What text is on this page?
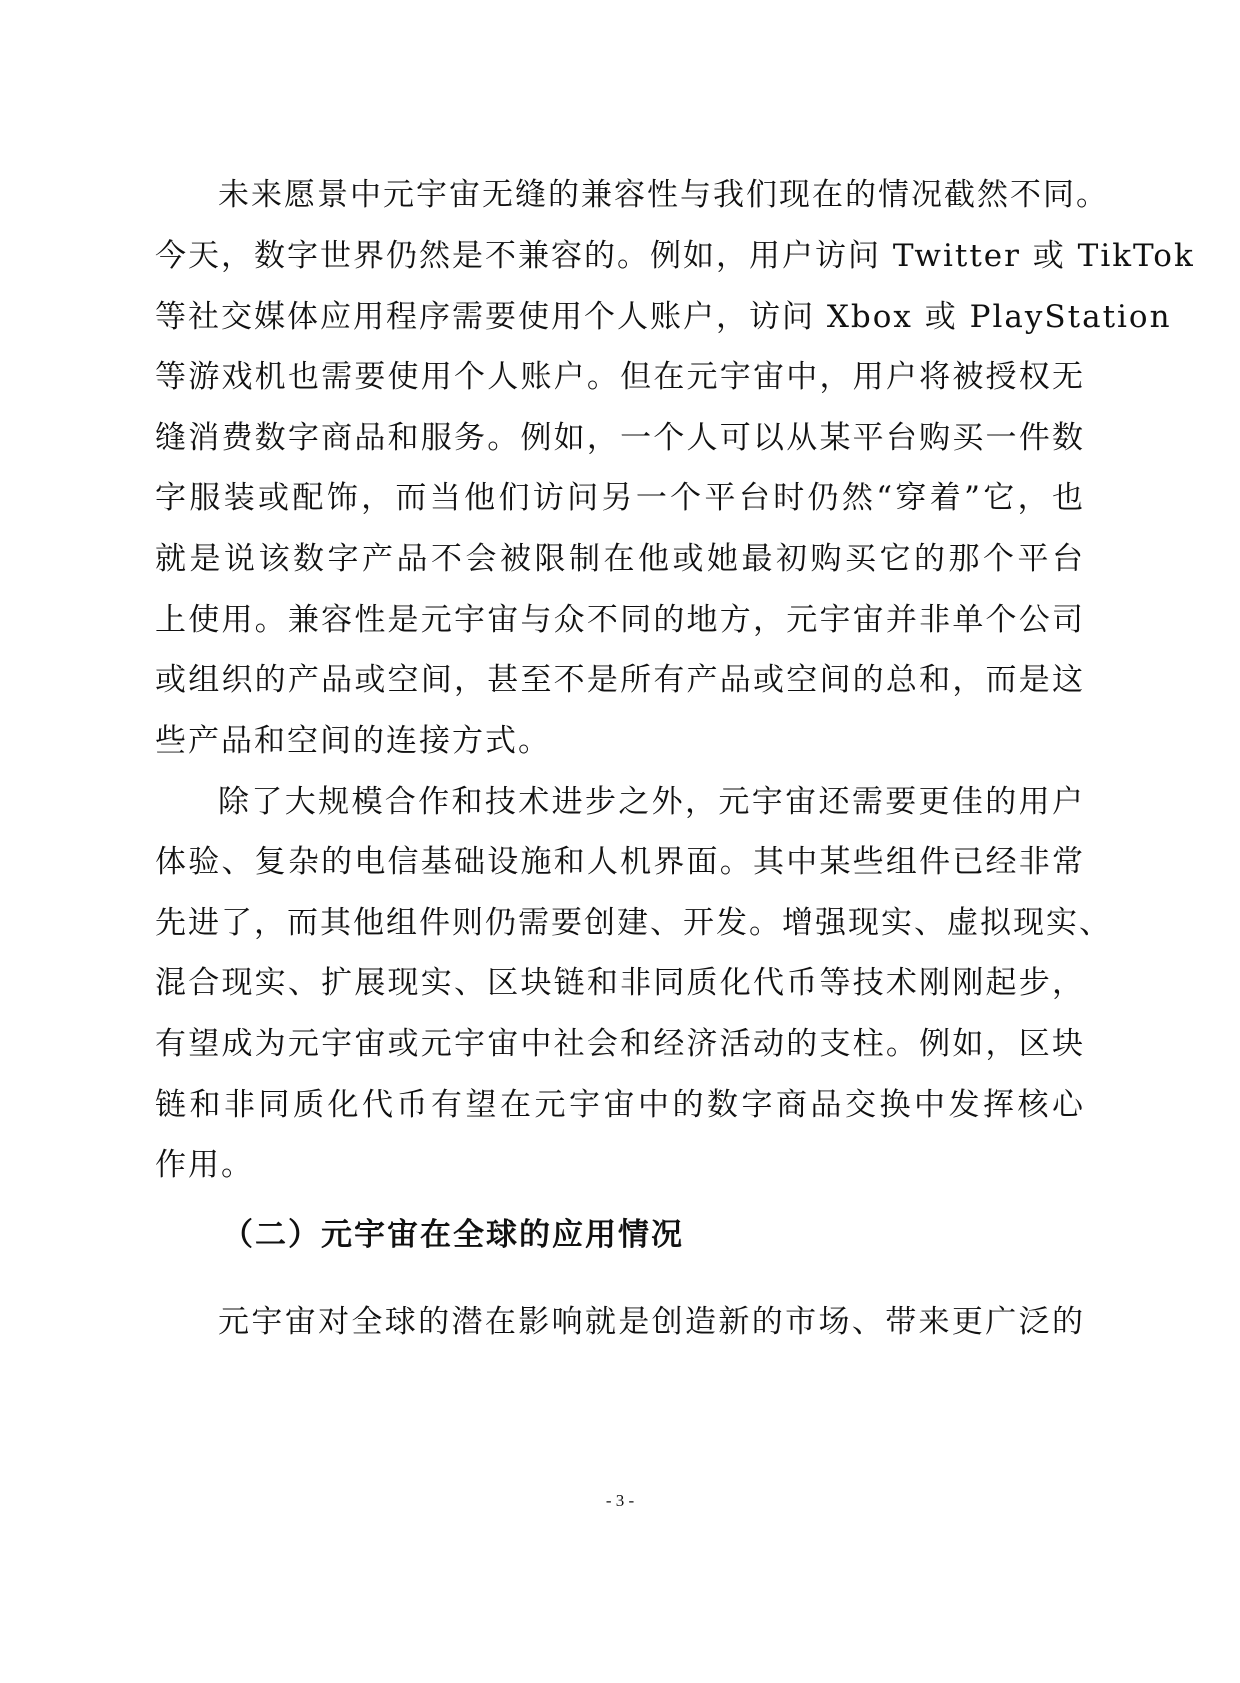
未来愿景中元宇宙无缝的兼容性与我们现在的情况截然不同。
今天，数字世界仍然是不兼容的。例如，用户访问 Twitter 或 TikTok
等社交媒体应用程序需要使用个人账户，访问 Xbox 或 PlayStation
等游戏机也需要使用个人账户。但在元宇宙中，用户将被授权无
缝消费数字商品和服务。例如，一个人可以从某平台购买一件数
字服装或配饰，而当他们访问另一个平台时仍然“穿着”它，也
就是说该数字产品不会被限制在他或她最初购买它的那个平台
上使用。兼容性是元宇宙与众不同的地方，元宇宙并非单个公司
或组织的产品或空间，甚至不是所有产品或空间的总和，而是这
些产品和空间的连接方式。
除了大规模合作和技术进步之外，元宇宙还需要更佳的用户
体验、复杂的电信基础设施和人机界面。其中某些组件已经非常
先进了，而其他组件则仍需要创建、开发。增强现实、虚拟现实、
混合现实、扩展现实、区块链和非同质化代币等技术刚刚起步，
有望成为元宇宙或元宇宙中社会和经济活动的支柱。例如，区块
链和非同质化代币有望在元宇宙中的数字商品交换中发挥核心
作用。
（二）元宇宙在全球的应用情况
元宇宙对全球的潜在影响就是创造新的市场、带来更广泛的
- 3 -
